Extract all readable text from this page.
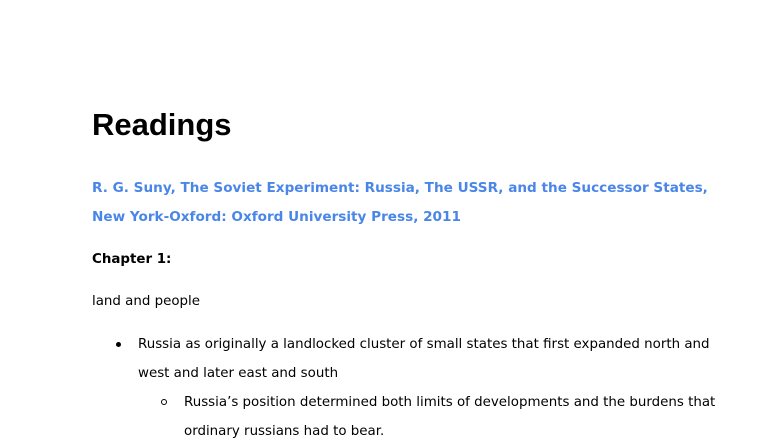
Readings

R. G. Suny, The Soviet Experiment: Russia, The USSR, and the Successor States, New York-Oxford: Oxford University Press, 2011

Chapter 1:

land and people

Russia as originally a landlocked cluster of small states that first expanded north and west and later east and south
Russia’s position determined both limits of developments and the burdens that ordinary russians had to bear.
